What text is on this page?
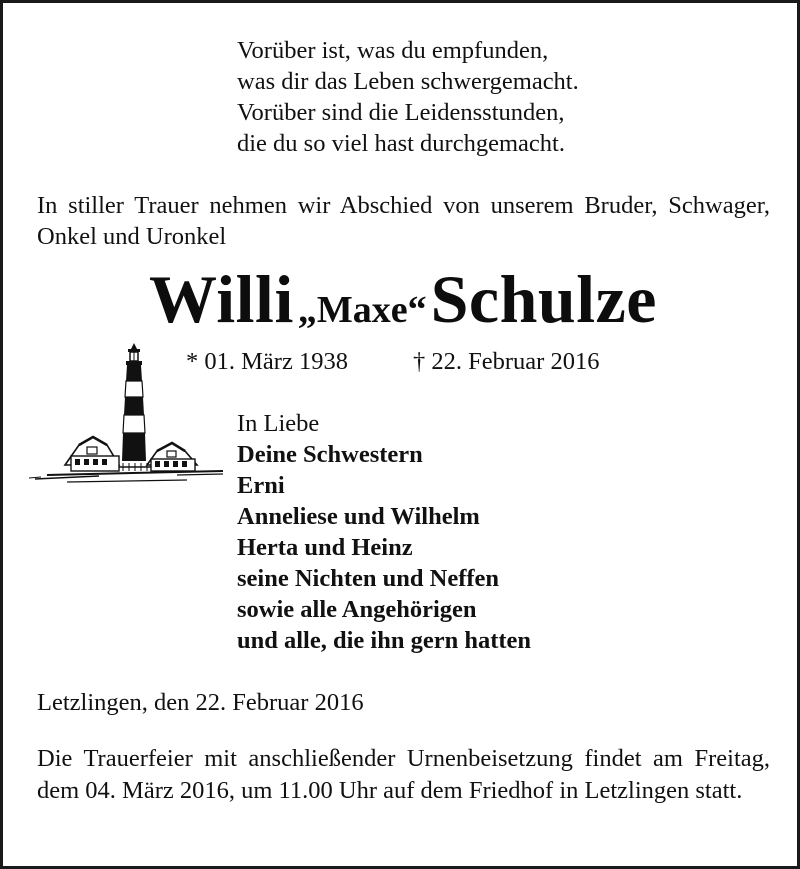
Vorüber ist, was du empfunden,
was dir das Leben schwergemacht.
Vorüber sind die Leidensstunden,
die du so viel hast durchgemacht.
In stiller Trauer nehmen wir Abschied von unserem Bruder, Schwager, Onkel und Uronkel
Willi „Maxe“ Schulze
* 01. März 1938	† 22. Februar 2016
In Liebe
Deine Schwestern
Erni
Anneliese und Wilhelm
Herta und Heinz
seine Nichten und Neffen
sowie alle Angehörigen
und alle, die ihn gern hatten
Letzlingen, den 22. Februar 2016
Die Trauerfeier mit anschließender Urnenbeisetzung findet am Freitag, dem 04. März 2016, um 11.00 Uhr auf dem Friedhof in Letzlingen statt.
